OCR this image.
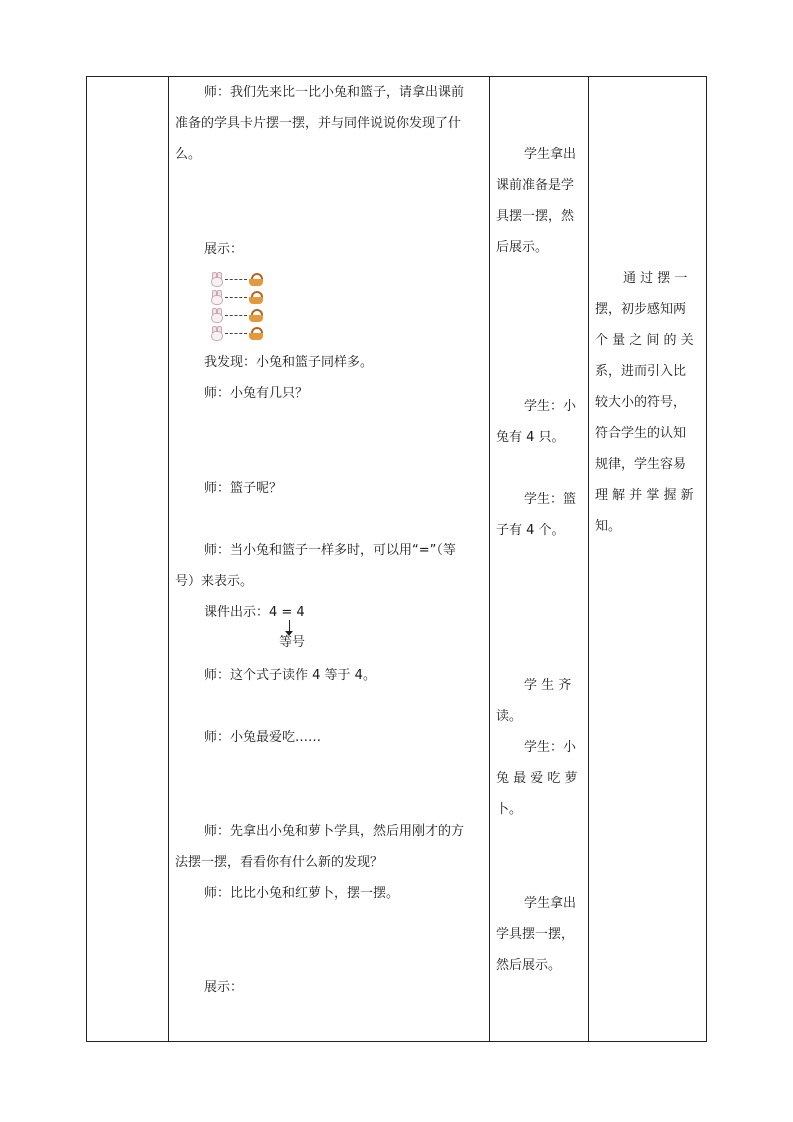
师：我们先来比一比小兔和篮子，请拿出课前
准备的学具卡片摆一摆，并与同伴说说你发现了什
么。
展示：
我发现：小兔和篮子同样多。
师：小兔有几只？
师：篮子呢？
师：当小兔和篮子一样多时，可以用“=”（等
号）来表示。
课件出示：4 = 4
等号
师：这个式子读作 4 等于 4。
师：小兔最爱吃……
师：先拿出小兔和萝卜学具，然后用刚才的方
法摆一摆，看看你有什么新的发现？
师：比比小兔和红萝卜，摆一摆。
展示：
学生拿出
课前准备是学
具摆一摆，然
后展示。
学生：小
兔有 4 只。
学生：篮
子有 4 个。
学 生 齐
读。
学生：小
兔 最 爱 吃 萝
卜。
学生拿出
学具摆一摆，
然后展示。
通 过 摆 一
摆，初步感知两
个 量 之 间 的 关
系，进而引入比
较大小的符号，
符合学生的认知
规律，学生容易
理 解 并 掌 握 新
知。
